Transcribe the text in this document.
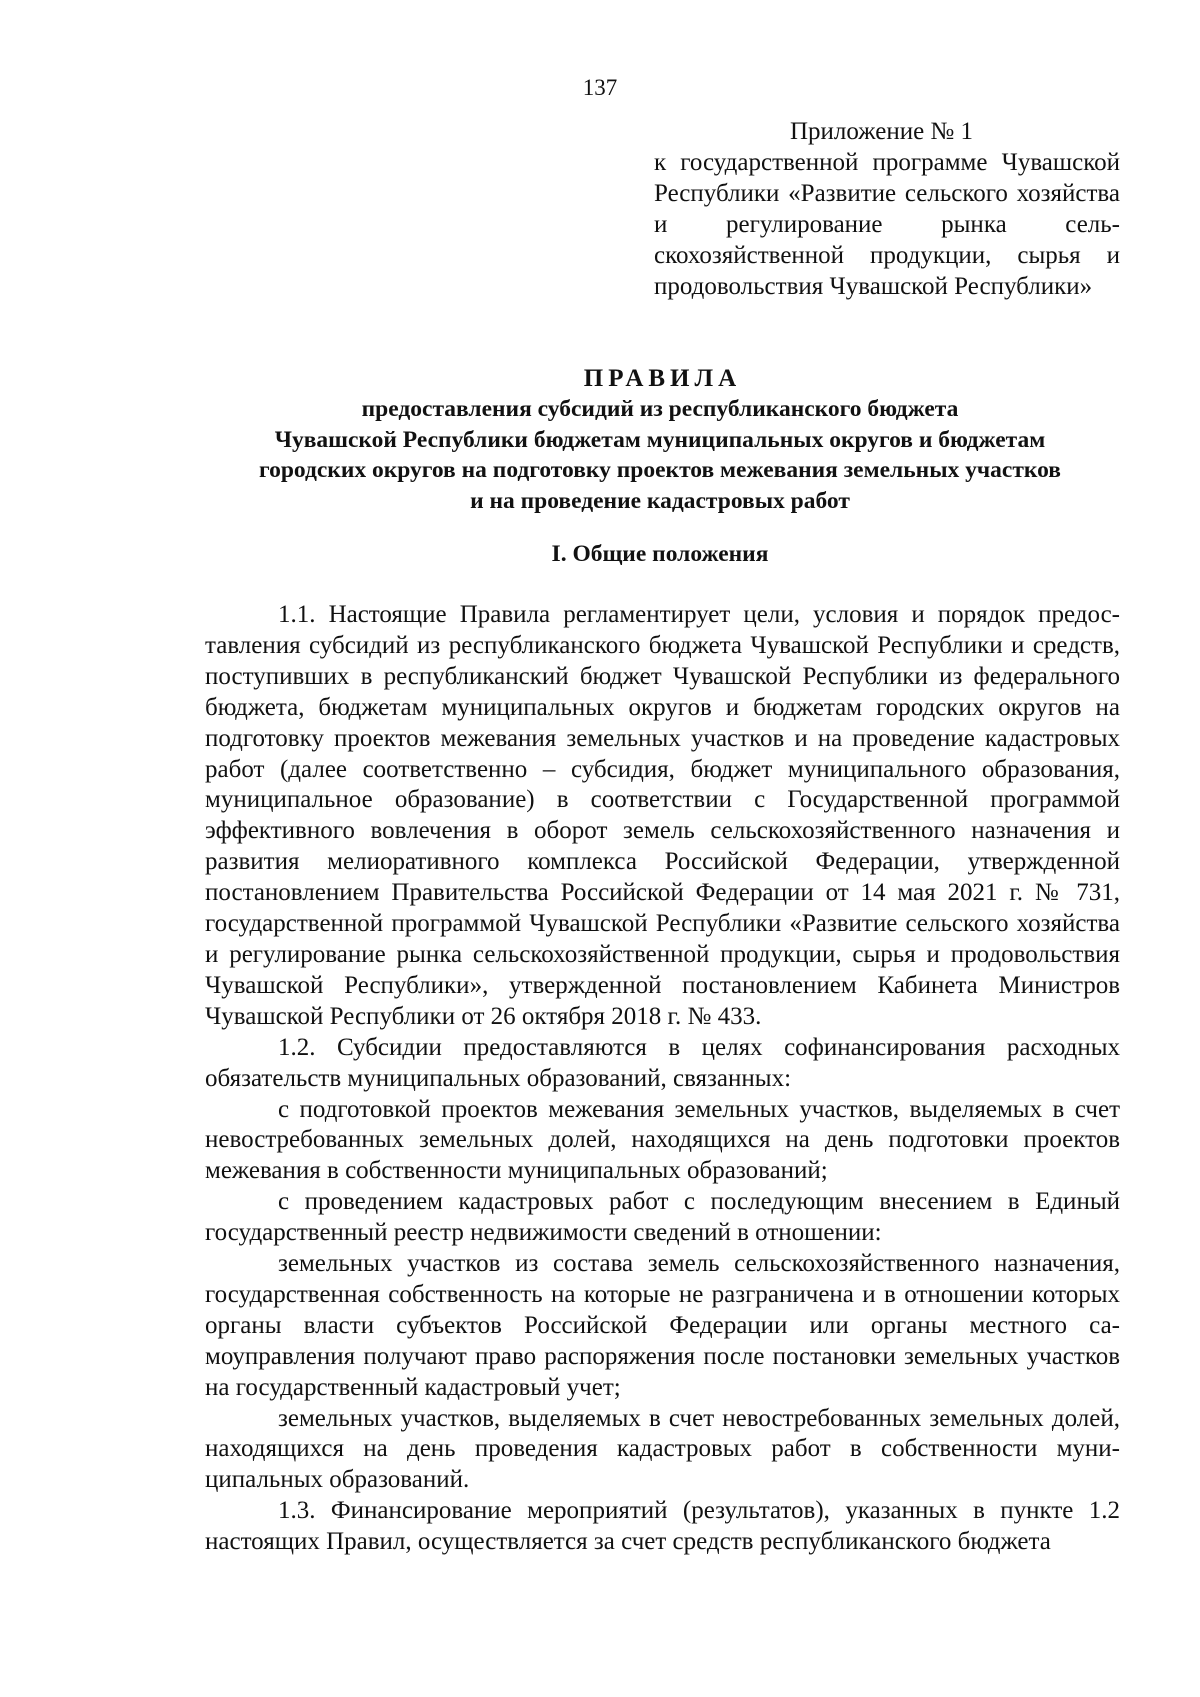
137
Приложение № 1
к государственной программе Чувашской Республики «Развитие сельского хозяйства и регулирование рынка сельскохозяйственной продукции, сырья и продовольствия Чувашской Республики»
ПРАВИЛА
предоставления субсидий из республиканского бюджета
Чувашской Республики бюджетам муниципальных округов и бюджетам
городских округов на подготовку проектов межевания земельных участков
и на проведение кадастровых работ
I. Общие положения

1.1. Настоящие Правила регламентирует цели, условия и порядок предоставления субсидий из республиканского бюджета Чувашской Республики и средств, поступивших в республиканский бюджет Чувашской Республики из федерального бюджета, бюджетам муниципальных округов и бюджетам городских округов на подготовку проектов межевания земельных участков и на проведение кадастровых работ (далее соответственно – субсидия, бюджет муниципального образования, муниципальное образование) в соответствии с Государственной программой эффективного вовлечения в оборот земель сельскохозяйственного назначения и развития мелиоративного комплекса Российской Федерации, утвержденной постановлением Правительства Российской Федерации от 14 мая 2021 г. № 731, государственной программой Чувашской Республики «Развитие сельского хозяйства и регулирование рынка сельскохозяйственной продукции, сырья и продовольствия Чувашской Республики», утвержденной постановлением Кабинета Министров Чувашской Республики от 26 октября 2018 г. № 433.

1.2. Субсидии предоставляются в целях софинансирования расходных обязательств муниципальных образований, связанных:

с подготовкой проектов межевания земельных участков, выделяемых в счет невостребованных земельных долей, находящихся на день подготовки проектов межевания в собственности муниципальных образований;

с проведением кадастровых работ с последующим внесением в Единый государственный реестр недвижимости сведений в отношении:

земельных участков из состава земель сельскохозяйственного назначения, государственная собственность на которые не разграничена и в отношении которых органы власти субъектов Российской Федерации или органы местного самоуправления получают право распоряжения после постановки земельных участков на государственный кадастровый учет;

земельных участков, выделяемых в счет невостребованных земельных долей, находящихся на день проведения кадастровых работ в собственности муниципальных образований.

1.3. Финансирование мероприятий (результатов), указанных в пункте 1.2 настоящих Правил, осуществляется за счет средств республиканского бюджета
